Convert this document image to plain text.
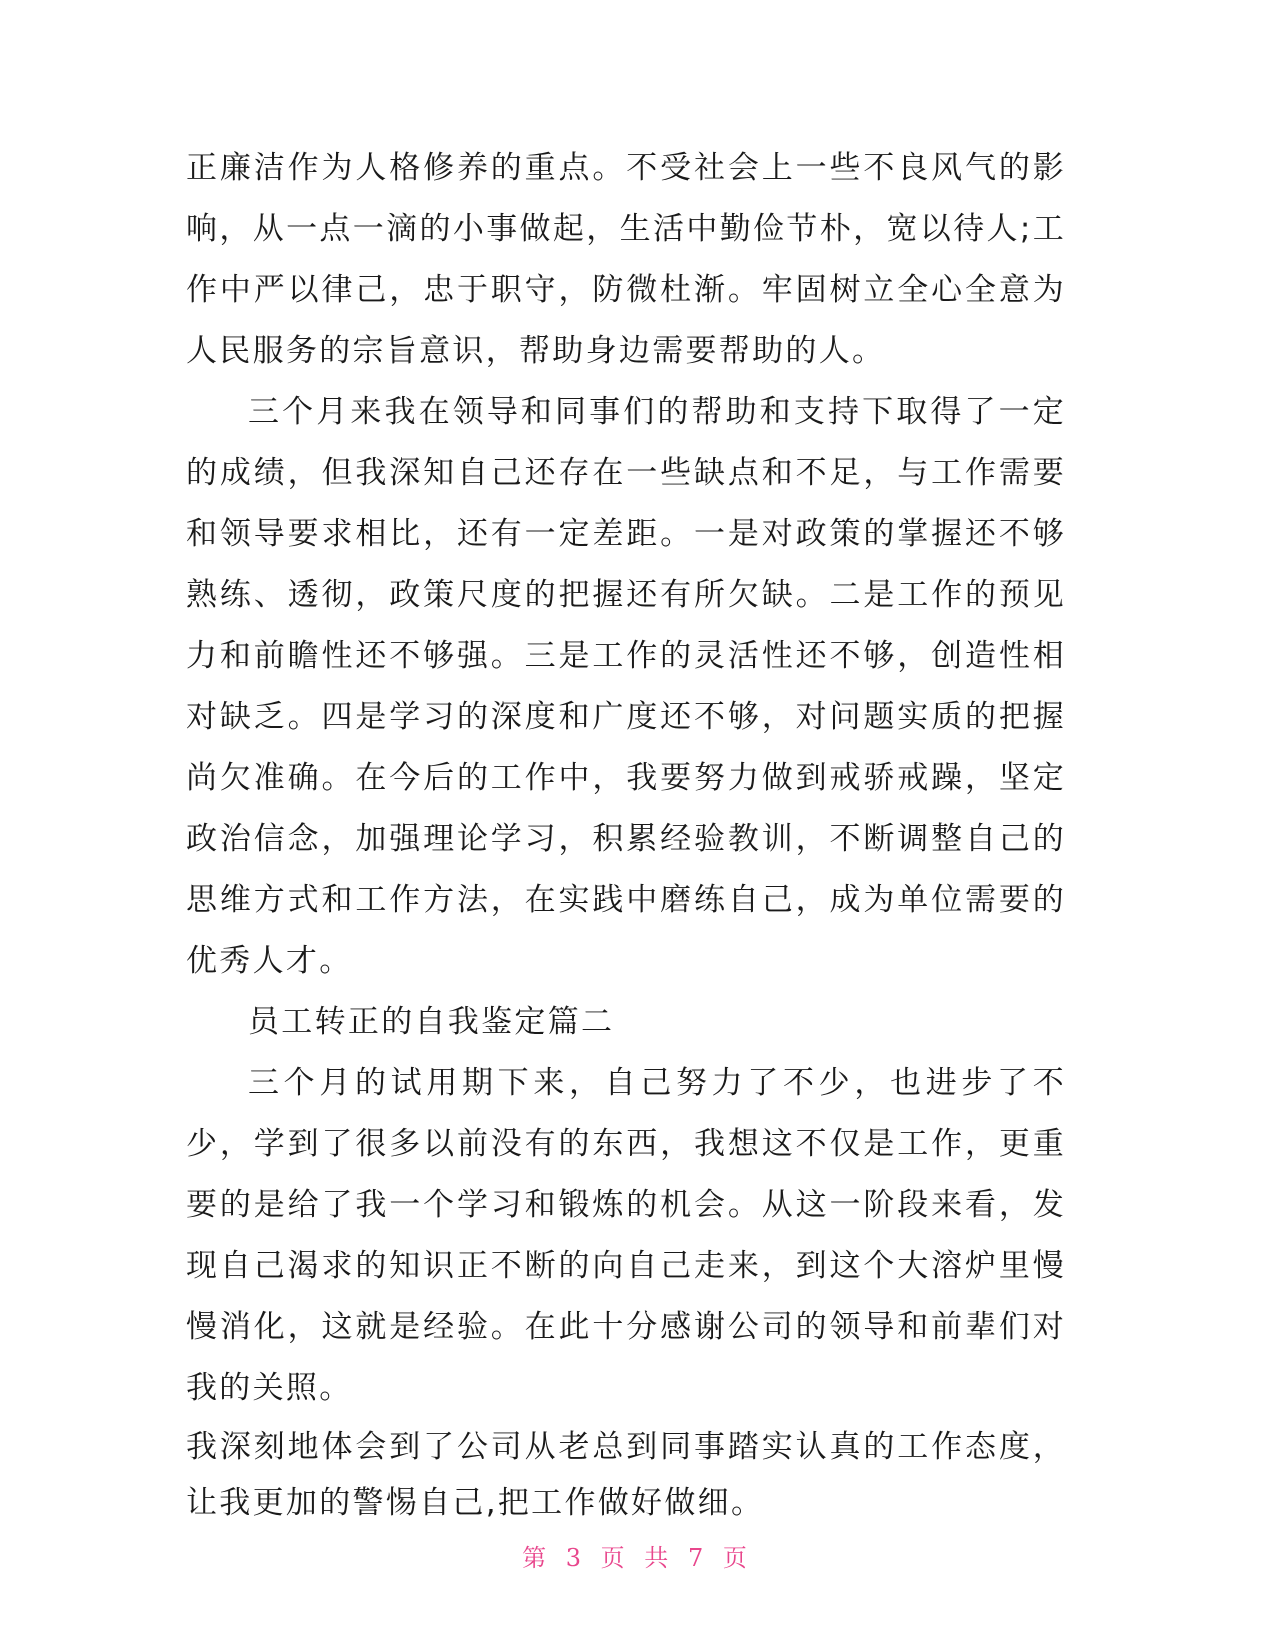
正廉洁作为人格修养的重点。不受社会上一些不良风气的影响，从一点一滴的小事做起，生活中勤俭节朴，宽以待人;工作中严以律己，忠于职守，防微杜渐。牢固树立全心全意为人民服务的宗旨意识，帮助身边需要帮助的人。

三个月来我在领导和同事们的帮助和支持下取得了一定的成绩，但我深知自己还存在一些缺点和不足，与工作需要和领导要求相比，还有一定差距。一是对政策的掌握还不够熟练、透彻，政策尺度的把握还有所欠缺。二是工作的预见力和前瞻性还不够强。三是工作的灵活性还不够，创造性相对缺乏。四是学习的深度和广度还不够，对问题实质的把握尚欠准确。在今后的工作中，我要努力做到戒骄戒躁，坚定政治信念，加强理论学习，积累经验教训，不断调整自己的思维方式和工作方法，在实践中磨练自己，成为单位需要的优秀人才。

员工转正的自我鉴定篇二

三个月的试用期下来，自己努力了不少，也进步了不少，学到了很多以前没有的东西，我想这不仅是工作，更重要的是给了我一个学习和锻炼的机会。从这一阶段来看，发现自己渴求的知识正不断的向自己走来，到这个大溶炉里慢慢消化，这就是经验。在此十分感谢公司的领导和前辈们对我的关照。

我深刻地体会到了公司从老总到同事踏实认真的工作态度，让我更加的警惕自己,把工作做好做细。

第 3 页 共 7 页
